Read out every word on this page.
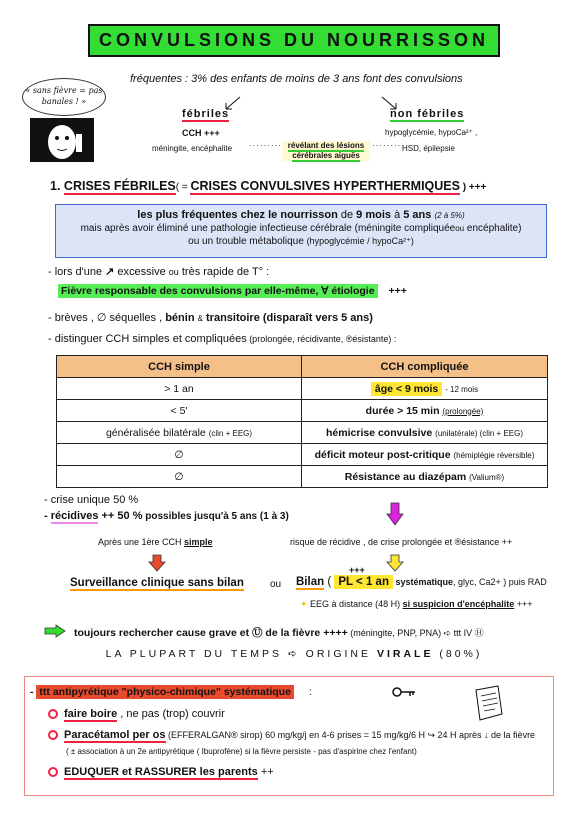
CONVULSIONS DU NOURRISSON
« sans fièvre = pas banales ! »
fréquentes : 3% des enfants de moins de 3 ans font des convulsions
fébriles	non fébriles
CCH +++	hypoglycémie, hypoCa²⁺ ,
méningite, encéphalite ········· révélant des lésions
cérébrales aiguës
·········
HSD, épilepsie
1. CRISES FÉBRILES( = CRISES CONVULSIVES HYPERTHERMIQUES ) +++
les plus fréquentes chez le nourrisson de 9 mois à 5 ans (2 à 5%)
mais après avoir éliminé une pathologie infectieuse cérébrale (méningite compliquéeou encéphalite)
ou un trouble métabolique (hypoglycémie / hypoCa²⁺)
- lors d'une ↗ excessive ou très rapide de T° :
Fièvre responsable des convulsions par elle-même, ∀ étiologie +++
- brèves , ∅ séquelles , bénin & transitoire (disparaît vers 5 ans)
- distinguer CCH simples et compliquées (prolongée, récidivante, ®ésistante) :
CCH simple	CCH compliquée
> 1 an	âge < 9 mois - 12 mois
< 5'	durée > 15 min (prolongée)
généralisée bilatérale (clin + EEG)	hémicrise convulsive (unilatérale) (clin + EEG)
∅	déficit moteur post-critique (hémiplégie réversible)
∅	Résistance au diazépam (Valium®)
- crise unique 50 %
- récidives ++ 50 % possibles jusqu'à 5 ans (1 à 3)
Après une 1ère CCH simple	risque de récidive , de crise prolongée et ®ésistance ++
+++
Surveillance clinique sans bilan	ou Bilan ( PL < 1 an systématique, glyc, Ca2+ ) puis RAD
✦ EEG à distance (48 H) si suspicion d'encéphalite +++
toujours rechercher cause grave et Ⓤ de la fièvre ++++ (méningite, PNP, PNA) ➪ ttt IV Ⓗ
LA PLUPART DU TEMPS ➪ ORIGINE VIRALE (80%)
- ttt antipyrétique "physico-chimique" systématique :
faire boire , ne pas (trop) couvrir
Paracétamol per os (EFFERALGAN® sirop) 60 mg/kg/j en 4-6 prises = 15 mg/kg/6 H ↪ 24 H après ↓ de la fièvre
( ± association à un 2e antipyrétique ( Ibuprofène) si la fièvre persiste - pas d'aspirine chez l'enfant)
EDUQUER et RASSURER les parents ++
